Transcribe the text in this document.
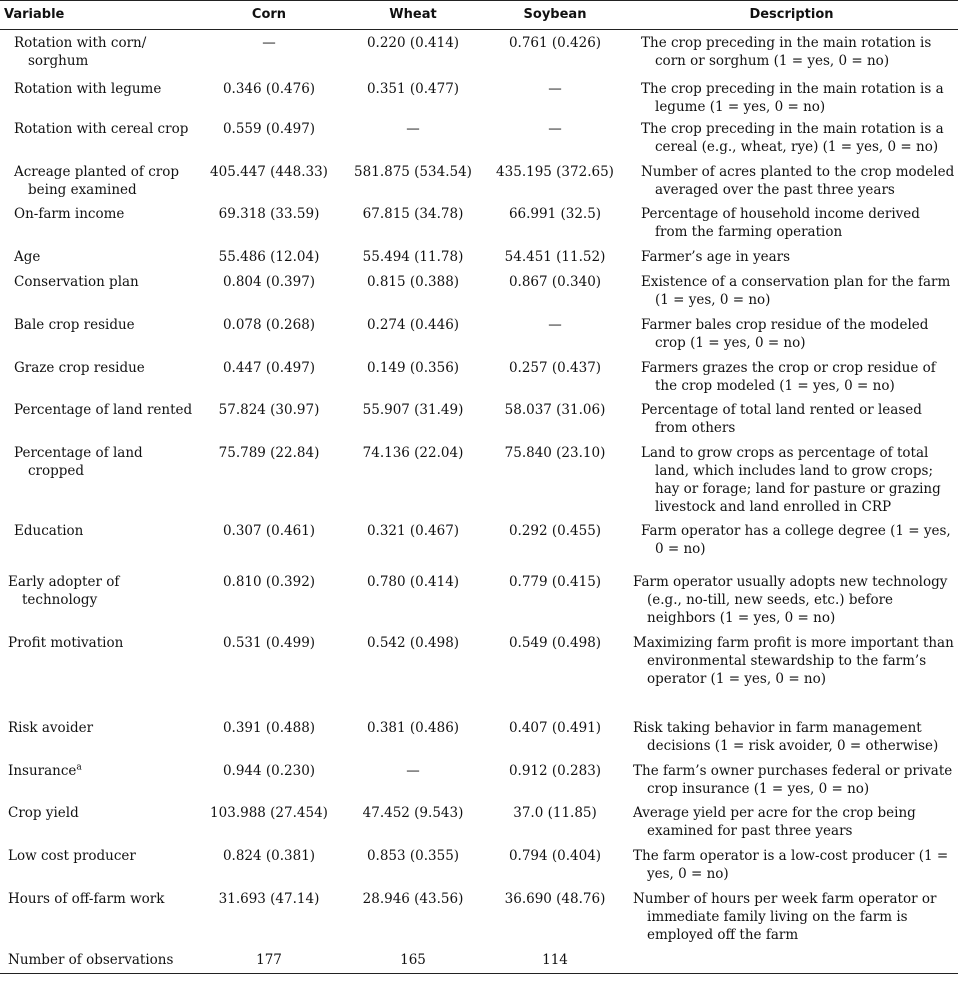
Variable	Corn	Wheat	Soybean	Description

Rotation with corn/ sorghum	—	0.220 (0.414)	0.761 (0.426)	The crop preceding in the main rotation is corn or sorghum (1 = yes, 0 = no)

Rotation with legume	0.346 (0.476)	0.351 (0.477)	—	The crop preceding in the main rotation is a legume (1 = yes, 0 = no)

Rotation with cereal crop	0.559 (0.497)	—	—	The crop preceding in the main rotation is a cereal (e.g., wheat, rye) (1 = yes, 0 = no)

Acreage planted of crop being examined	405.447 (448.33)	581.875 (534.54)	435.195 (372.65)	Number of acres planted to the crop modeled averaged over the past three years

On-farm income	69.318 (33.59)	67.815 (34.78)	66.991 (32.5)	Percentage of household income derived from the farming operation

Age	55.486 (12.04)	55.494 (11.78)	54.451 (11.52)	Farmer’s age in years

Conservation plan	0.804 (0.397)	0.815 (0.388)	0.867 (0.340)	Existence of a conservation plan for the farm (1 = yes, 0 = no)

Bale crop residue	0.078 (0.268)	0.274 (0.446)	—	Farmer bales crop residue of the modeled crop (1 = yes, 0 = no)

Graze crop residue	0.447 (0.497)	0.149 (0.356)	0.257 (0.437)	Farmers grazes the crop or crop residue of the crop modeled (1 = yes, 0 = no)

Percentage of land rented	57.824 (30.97)	55.907 (31.49)	58.037 (31.06)	Percentage of total land rented or leased from others

Percentage of land cropped	75.789 (22.84)	74.136 (22.04)	75.840 (23.10)	Land to grow crops as percentage of total land, which includes land to grow crops; hay or forage; land for pasture or grazing livestock and land enrolled in CRP

Education	0.307 (0.461)	0.321 (0.467)	0.292 (0.455)	Farm operator has a college degree (1 = yes, 0 = no)

Early adopter of technology	0.810 (0.392)	0.780 (0.414)	0.779 (0.415)	Farm operator usually adopts new technology (e.g., no-till, new seeds, etc.) before neighbors (1 = yes, 0 = no)

Profit motivation	0.531 (0.499)	0.542 (0.498)	0.549 (0.498)	Maximizing farm profit is more important than environmental stewardship to the farm’s operator (1 = yes, 0 = no)

Risk avoider	0.391 (0.488)	0.381 (0.486)	0.407 (0.491)	Risk taking behavior in farm management decisions (1 = risk avoider, 0 = otherwise)

Insurance$^a$	0.944 (0.230)	—	0.912 (0.283)	The farm’s owner purchases federal or private crop insurance (1 = yes, 0 = no)

Crop yield	103.988 (27.454)	47.452 (9.543)	37.0 (11.85)	Average yield per acre for the crop being examined for past three years

Low cost producer	0.824 (0.381)	0.853 (0.355)	0.794 (0.404)	The farm operator is a low-cost producer (1 = yes, 0 = no)

Hours of off-farm work	31.693 (47.14)	28.946 (43.56)	36.690 (48.76)	Number of hours per week farm operator or immediate family living on the farm is employed off the farm

Number of observations	177	165	114	
